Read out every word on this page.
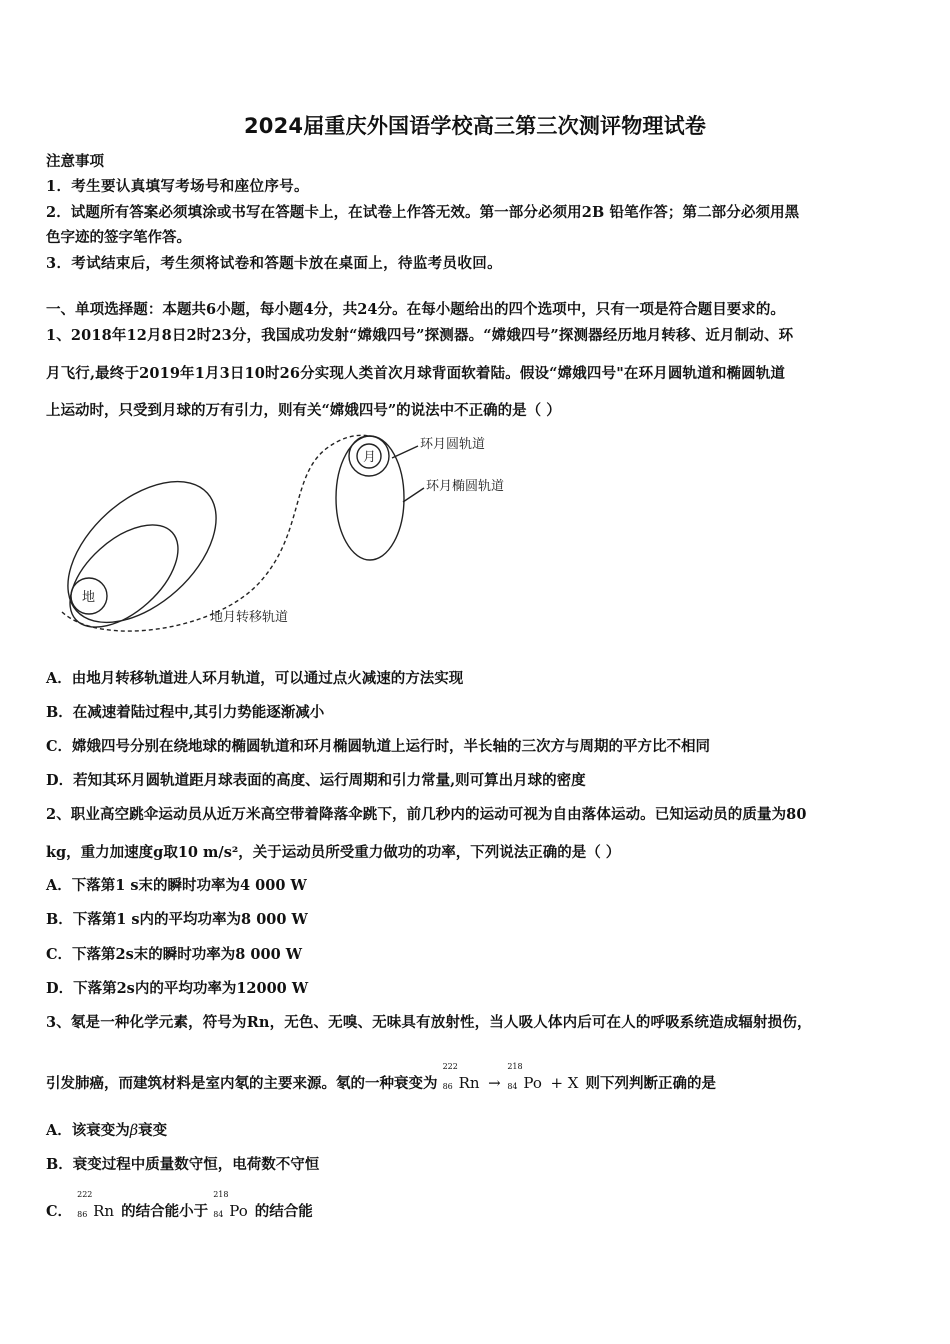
2024届重庆外国语学校高三第三次测评物理试卷
注意事项
1．考生要认真填写考场号和座位序号。
2．试题所有答案必须填涂或书写在答题卡上，在试卷上作答无效。第一部分必须用2B 铅笔作答；第二部分必须用黑
色字迹的签字笔作答。
3．考试结束后，考生须将试卷和答题卡放在桌面上，待监考员收回。
一、单项选择题：本题共6小题，每小题4分，共24分。在每小题给出的四个选项中，只有一项是符合题目要求的。
1、2018年12月8日2时23分，我国成功发射“嫦娥四号”探测器。“嫦娥四号”探测器经历地月转移、近月制动、环
月飞行,最终于2019年1月3日10时26分实现人类首次月球背面软着陆。假设“嫦娥四号"在环月圆轨道和椭圆轨道
上运动时，只受到月球的万有引力，则有关“嫦娥四号”的说法中不正确的是（ ）
月
地
环月圆轨道
环月椭圆轨道
地月转移轨道
A．由地月转移轨道进人环月轨道，可以通过点火减速的方法实现
B．在减速着陆过程中,其引力势能逐渐减小
C．嫦娥四号分别在绕地球的椭圆轨道和环月椭圆轨道上运行时，半长轴的三次方与周期的平方比不相同
D．若知其环月圆轨道距月球表面的高度、运行周期和引力常量,则可算出月球的密度
2、职业高空跳伞运动员从近万米高空带着降落伞跳下，前几秒内的运动可视为自由落体运动。已知运动员的质量为80
kg，重力加速度g取10 m/s²，关于运动员所受重力做功的功率，下列说法正确的是（ ）
A．下落第1 s末的瞬时功率为4 000 W
B．下落第1 s内的平均功率为8 000 W
C．下落第2s末的瞬时功率为8 000 W
D．下落第2s内的平均功率为12000 W
3、氡是一种化学元素，符号为Rn，无色、无嗅、无味具有放射性，当人吸人体内后可在人的呼吸系统造成辐射损伤，
引发肺癌，而建筑材料是室内氡的主要来源。氡的一种衰变为
222
86 Rn →
218
84 Po + X 则下列判断正确的是
A．该衰变为β衰变
B．衰变过程中质量数守恒，电荷数不守恒
C．
222
86 Rn 的结合能小于
218
84 Po 的结合能
